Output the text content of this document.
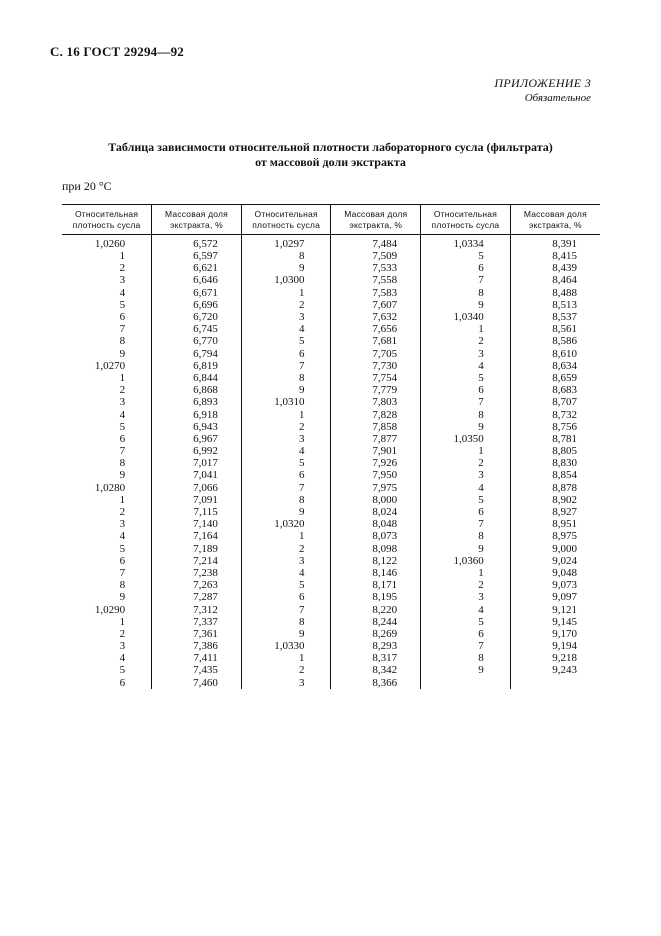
С. 16 ГОСТ 29294—92
ПРИЛОЖЕНИЕ 3
Обязательное
Таблица зависимости относительной плотности лабораторного сусла (фильтрата)
от массовой доли экстракта
при 20 °С
Относительная плотность сусла	Массовая доля экстракта, %	Относительная плотность сусла	Массовая доля экстракта, %	Относительная плотность сусла	Массовая доля экстракта, %
1,0260	6,572	1,0297	7,484	1,0334	8,391
1	6,597	8	7,509	5	8,415
2	6,621	9	7,533	6	8,439
3	6,646	1,0300	7,558	7	8,464
4	6,671	1	7,583	8	8,488
5	6,696	2	7,607	9	8,513
6	6,720	3	7,632	1,0340	8,537
7	6,745	4	7,656	1	8,561
8	6,770	5	7,681	2	8,586
9	6,794	6	7,705	3	8,610
1,0270	6,819	7	7,730	4	8,634
1	6,844	8	7,754	5	8,659
2	6,868	9	7,779	6	8,683
3	6,893	1,0310	7,803	7	8,707
4	6,918	1	7,828	8	8,732
5	6,943	2	7,858	9	8,756
6	6,967	3	7,877	1,0350	8,781
7	6,992	4	7,901	1	8,805
8	7,017	5	7,926	2	8,830
9	7,041	6	7,950	3	8,854
1,0280	7,066	7	7,975	4	8,878
1	7,091	8	8,000	5	8,902
2	7,115	9	8,024	6	8,927
3	7,140	1,0320	8,048	7	8,951
4	7,164	1	8,073	8	8,975
5	7,189	2	8,098	9	9,000
6	7,214	3	8,122	1,0360	9,024
7	7,238	4	8,146	1	9,048
8	7,263	5	8,171	2	9,073
9	7,287	6	8,195	3	9,097
1,0290	7,312	7	8,220	4	9,121
1	7,337	8	8,244	5	9,145
2	7,361	9	8,269	6	9,170
3	7,386	1,0330	8,293	7	9,194
4	7,411	1	8,317	8	9,218
5	7,435	2	8,342	9	9,243
6	7,460	3	8,366		
